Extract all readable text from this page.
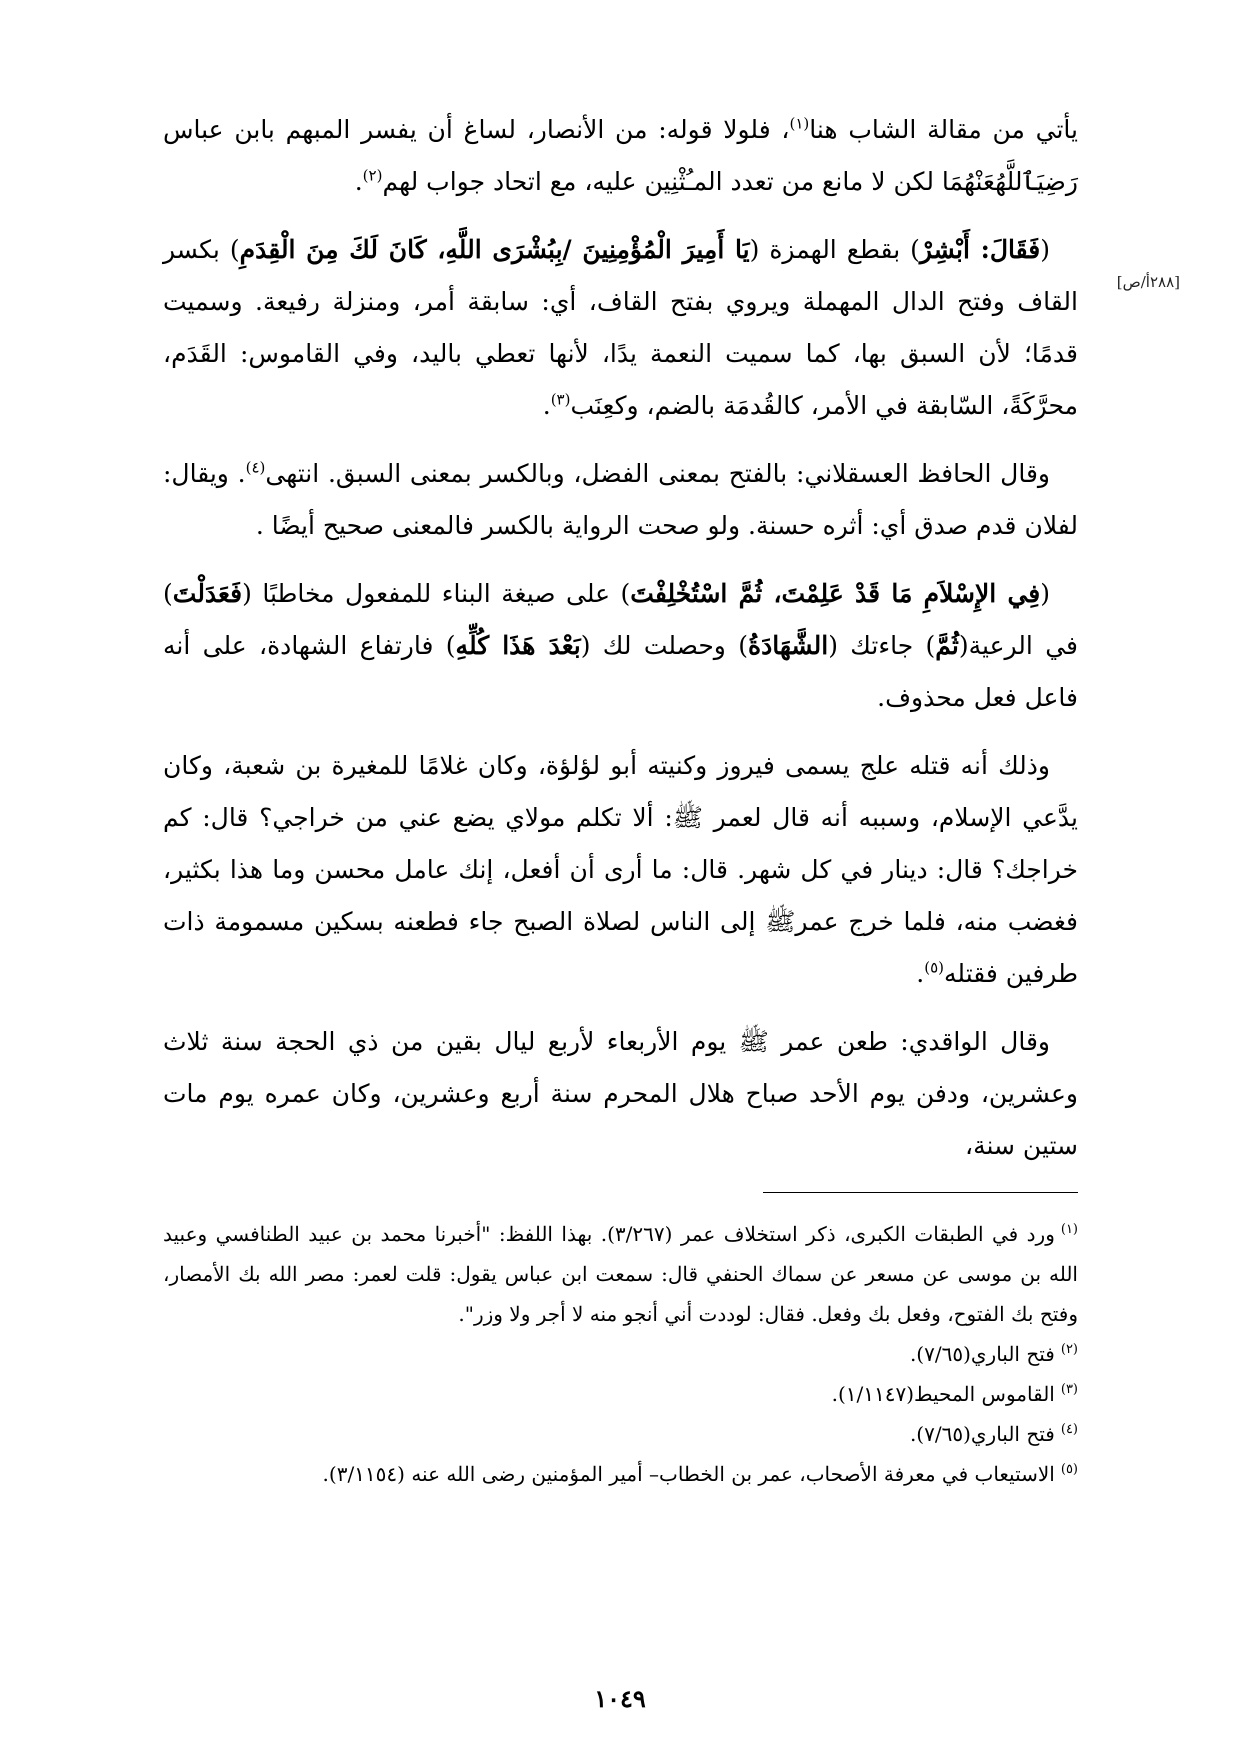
[٢٨٨أ/ص]

يأتي من مقالة الشاب هنا$^{(١)}$، فلولا قوله: من الأنصار، لساغ أن يفسر المبهم بابن عباس رَضِيَٱللَّهُعَنْهُمَا لكن لا مانع من تعدد المـُثْنِين عليه، مع اتحاد جواب لهم$^{(٢)}$.

(فَقَالَ: أَبْشِرْ) بقطع الهمزة (يَا أَمِيرَ الْمُؤْمِنِينَ /بِبُشْرَى اللَّهِ، كَانَ لَكَ مِنَ الْقِدَمِ) بكسر القاف وفتح الدال المهملة ويروي بفتح القاف، أي: سابقة أمر، ومنزلة رفيعة. وسميت قدمًا؛ لأن السبق بها، كما سميت النعمة يدًا، لأنها تعطي باليد، وفي القاموس: القَدَم، محرَّكَةً، السّابقة في الأمر، كالقُدمَة بالضم، وكعِنَب$^{(٣)}$.

وقال الحافظ العسقلاني: بالفتح بمعنى الفضل، وبالكسر بمعنى السبق. انتهى$^{(٤)}$. ويقال: لفلان قدم صدق أي: أثره حسنة. ولو صحت الرواية بالكسر فالمعنى صحيح أيضًا .

(فِي الإِسْلاَمِ مَا قَدْ عَلِمْتَ، ثُمَّ اسْتُخْلِفْتَ) على صيغة البناء للمفعول مخاطبًا (فَعَدَلْتَ) في الرعية(ثُمَّ) جاءتك (الشَّهَادَةُ) وحصلت لك (بَعْدَ هَذَا كُلِّهِ) فارتفاع الشهادة، على أنه فاعل فعل محذوف.

وذلك أنه قتله علج يسمى فيروز وكنيته أبو لؤلؤة، وكان غلامًا للمغيرة بن شعبة، وكان يدَّعي الإسلام، وسببه أنه قال لعمر ﷺ: ألا تكلم مولاي يضع عني من خراجي؟ قال: كم خراجك؟ قال: دينار في كل شهر. قال: ما أرى أن أفعل، إنك عامل محسن وما هذا بكثير، فغضب منه، فلما خرج عمرﷺ إلى الناس لصلاة الصبح جاء فطعنه بسكين مسمومة ذات طرفين فقتله$^{(٥)}$.

وقال الواقدي: طعن عمر ﷺ يوم الأربعاء لأربع ليال بقين من ذي الحجة سنة ثلاث وعشرين، ودفن يوم الأحد صباح هلال المحرم سنة أربع وعشرين، وكان عمره يوم مات ستين سنة،

$^{(١)}$ورد في الطبقات الكبرى، ذكر استخلاف عمر (٣/٢٦٧). بهذا اللفظ: "أخبرنا محمد بن عبيد الطنافسي وعبيد الله بن موسى عن مسعر عن سماك الحنفي قال: سمعت ابن عباس يقول: قلت لعمر: مصر الله بك الأمصار، وفتح بك الفتوح، وفعل بك وفعل. فقال: لوددت أني أنجو منه لا أجر ولا وزر".

$^{(٢)}$فتح الباري(٧/٦٥).

$^{(٣)}$القاموس المحيط(١/١١٤٧).

$^{(٤)}$فتح الباري(٧/٦٥).

$^{(٥)}$الاستيعاب في معرفة الأصحاب، عمر بن الخطاب– أمير المؤمنين رضى الله عنه (٣/١١٥٤).

١٠٤٩
